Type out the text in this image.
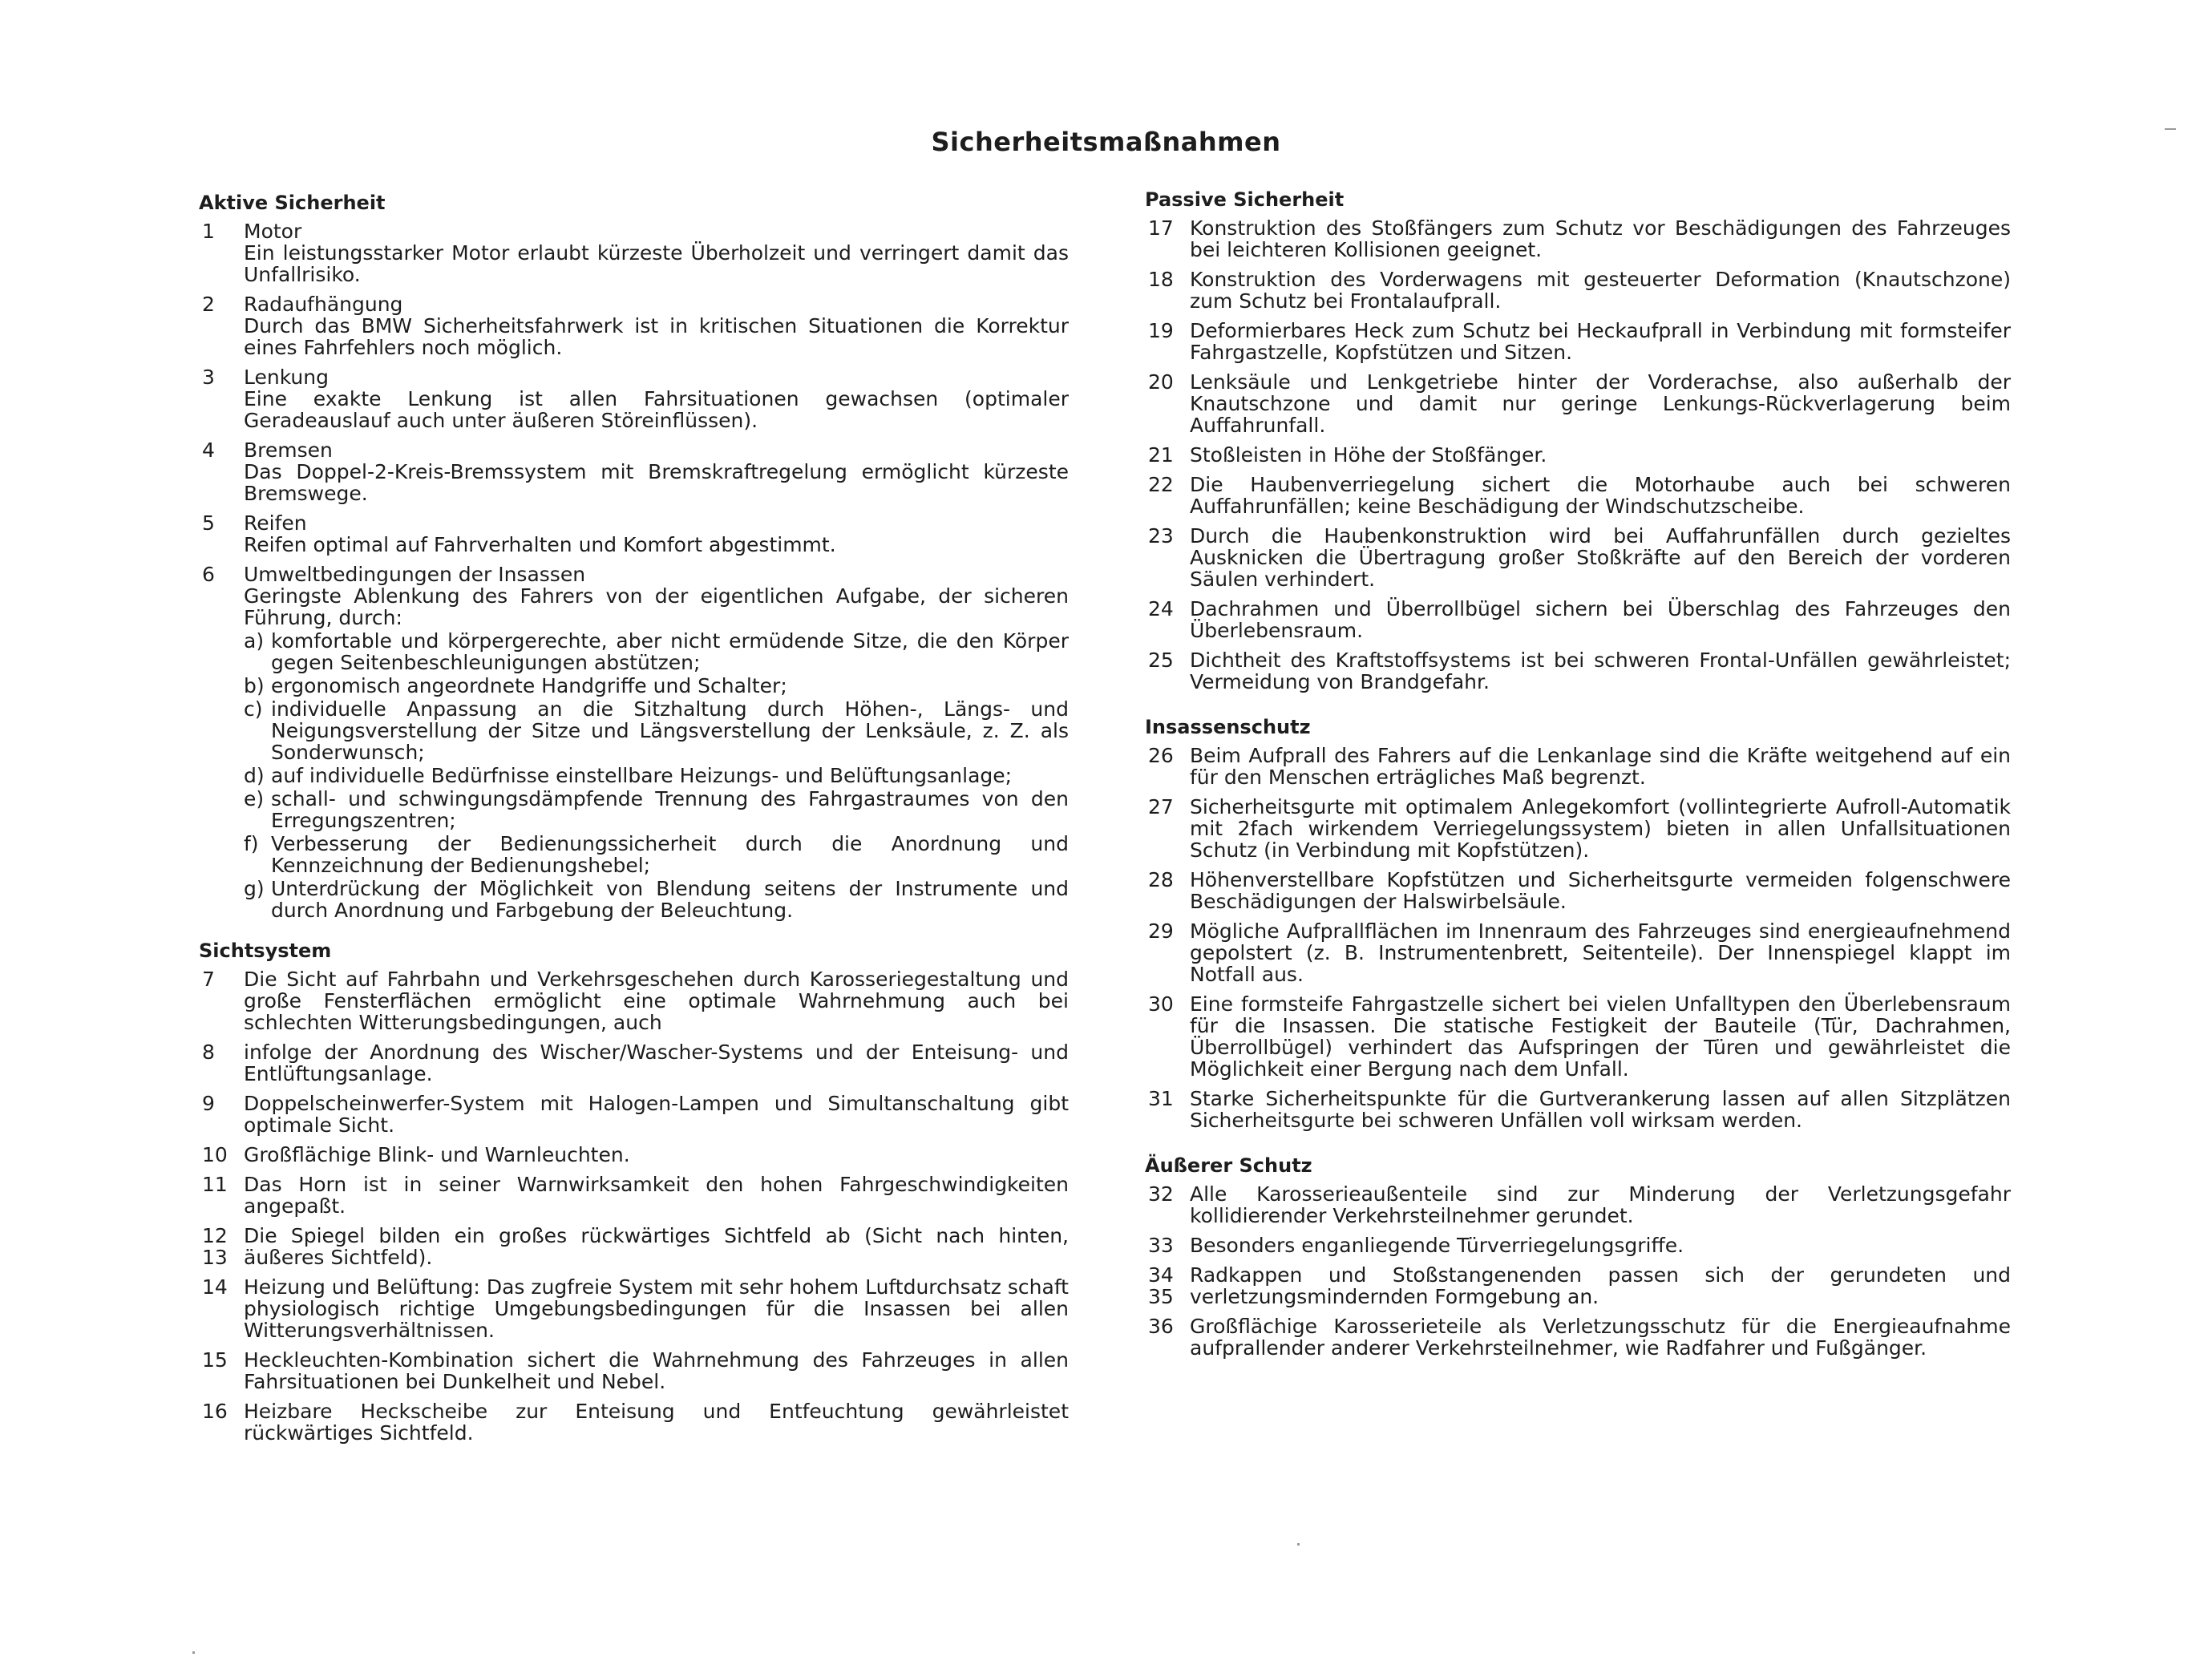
Sicherheitsmaßnahmen
Aktive Sicherheit
1	Motor
Ein leistungsstarker Motor erlaubt kürzeste Überholzeit und verringert damit das Unfallrisiko.
2	Radaufhängung
Durch das BMW Sicherheitsfahrwerk ist in kritischen Situationen die Korrektur eines Fahrfehlers noch möglich.
3	Lenkung
Eine exakte Lenkung ist allen Fahrsituationen gewachsen (optimaler Geradeauslauf auch unter äußeren Störeinflüssen).
4	Bremsen
Das Doppel-2-Kreis-Bremssystem mit Bremskraftregelung ermöglicht kürzeste Bremswege.
5	Reifen
Reifen optimal auf Fahrverhalten und Komfort abgestimmt.
6	Umweltbedingungen der Insassen
Geringste Ablenkung des Fahrers von der eigentlichen Aufgabe, der sicheren Führung, durch:
a) komfortable und körpergerechte, aber nicht ermüdende Sitze, die den Körper gegen Seitenbeschleunigungen abstützen;
b) ergonomisch angeordnete Handgriffe und Schalter;
c) individuelle Anpassung an die Sitzhaltung durch Höhen-, Längs- und Neigungsverstellung der Sitze und Längsverstellung der Lenksäule, z. Z. als Sonderwunsch;
d) auf individuelle Bedürfnisse einstellbare Heizungs- und Belüftungsanlage;
e) schall- und schwingungsdämpfende Trennung des Fahrgastraumes von den Erregungszentren;
f) Verbesserung der Bedienungssicherheit durch die Anordnung und Kennzeichnung der Bedienungshebel;
g) Unterdrückung der Möglichkeit von Blendung seitens der Instrumente und durch Anordnung und Farbgebung der Beleuchtung.
Sichtsystem
7	Die Sicht auf Fahrbahn und Verkehrsgeschehen durch Karosseriegestaltung und große Fensterflächen ermöglicht eine optimale Wahrnehmung auch bei schlechten Witterungsbedingungen, auch
8	infolge der Anordnung des Wischer/Wascher-Systems und der Enteisung- und Entlüftungsanlage.
9	Doppelscheinwerfer-System mit Halogen-Lampen und Simultanschaltung gibt optimale Sicht.
10 Großflächige Blink- und Warnleuchten.
11 Das Horn ist in seiner Warnwirksamkeit den hohen Fahrgeschwindigkeiten angepaßt.
12
13
Die Spiegel bilden ein großes rückwärtiges Sichtfeld ab (Sicht nach hinten, äußeres Sichtfeld).
14 Heizung und Belüftung: Das zugfreie System mit sehr hohem Luftdurchsatz schaft physiologisch richtige Umgebungsbedingungen für die Insassen bei allen Witterungsverhältnissen.
15 Heckleuchten-Kombination sichert die Wahrnehmung des Fahrzeuges in allen Fahrsituationen bei Dunkelheit und Nebel.
16 Heizbare Heckscheibe zur Enteisung und Entfeuchtung gewährleistet rückwärtiges Sichtfeld.
Passive Sicherheit
17 Konstruktion des Stoßfängers zum Schutz vor Beschädigungen des Fahrzeuges bei leichteren Kollisionen geeignet.
18 Konstruktion des Vorderwagens mit gesteuerter Deformation (Knautschzone) zum Schutz bei Frontalaufprall.
19 Deformierbares Heck zum Schutz bei Heckaufprall in Verbindung mit formsteifer Fahrgastzelle, Kopfstützen und Sitzen.
20 Lenksäule und Lenkgetriebe hinter der Vorderachse, also außerhalb der Knautschzone und damit nur geringe Lenkungs-Rückverlagerung beim Auffahrunfall.
21 Stoßleisten in Höhe der Stoßfänger.
22 Die Haubenverriegelung sichert die Motorhaube auch bei schweren Auffahrunfällen; keine Beschädigung der Windschutzscheibe.
23 Durch die Haubenkonstruktion wird bei Auffahrunfällen durch gezieltes Ausknicken die Übertragung großer Stoßkräfte auf den Bereich der vorderen Säulen verhindert.
24 Dachrahmen und Überrollbügel sichern bei Überschlag des Fahrzeuges den Überlebensraum.
25 Dichtheit des Kraftstoffsystems ist bei schweren Frontal-Unfällen gewährleistet; Vermeidung von Brandgefahr.
Insassenschutz
26 Beim Aufprall des Fahrers auf die Lenkanlage sind die Kräfte weitgehend auf ein für den Menschen erträgliches Maß begrenzt.
27 Sicherheitsgurte mit optimalem Anlegekomfort (vollintegrierte Aufroll-Automatik mit 2fach wirkendem Verriegelungssystem) bieten in allen Unfallsituationen Schutz (in Verbindung mit Kopfstützen).
28 Höhenverstellbare Kopfstützen und Sicherheitsgurte vermeiden folgenschwere Beschädigungen der Halswirbelsäule.
29 Mögliche Aufprallflächen im Innenraum des Fahrzeuges sind energieaufnehmend gepolstert (z. B. Instrumentenbrett, Seitenteile). Der Innenspiegel klappt im Notfall aus.
30 Eine formsteife Fahrgastzelle sichert bei vielen Unfalltypen den Überlebensraum für die Insassen. Die statische Festigkeit der Bauteile (Tür, Dachrahmen, Überrollbügel) verhindert das Aufspringen der Türen und gewährleistet die Möglichkeit einer Bergung nach dem Unfall.
31 Starke Sicherheitspunkte für die Gurtverankerung lassen auf allen Sitzplätzen Sicherheitsgurte bei schweren Unfällen voll wirksam werden.
Äußerer Schutz
32 Alle Karosserieaußenteile sind zur Minderung der Verletzungsgefahr kollidierender Verkehrsteilnehmer gerundet.
33 Besonders enganliegende Türverriegelungsgriffe.
34
35
Radkappen und Stoßstangenenden passen sich der gerundeten und verletzungsmindernden Formgebung an.
36 Großflächige Karosserieteile als Verletzungsschutz für die Energieaufnahme aufprallender anderer Verkehrsteilnehmer, wie Radfahrer und Fußgänger.
